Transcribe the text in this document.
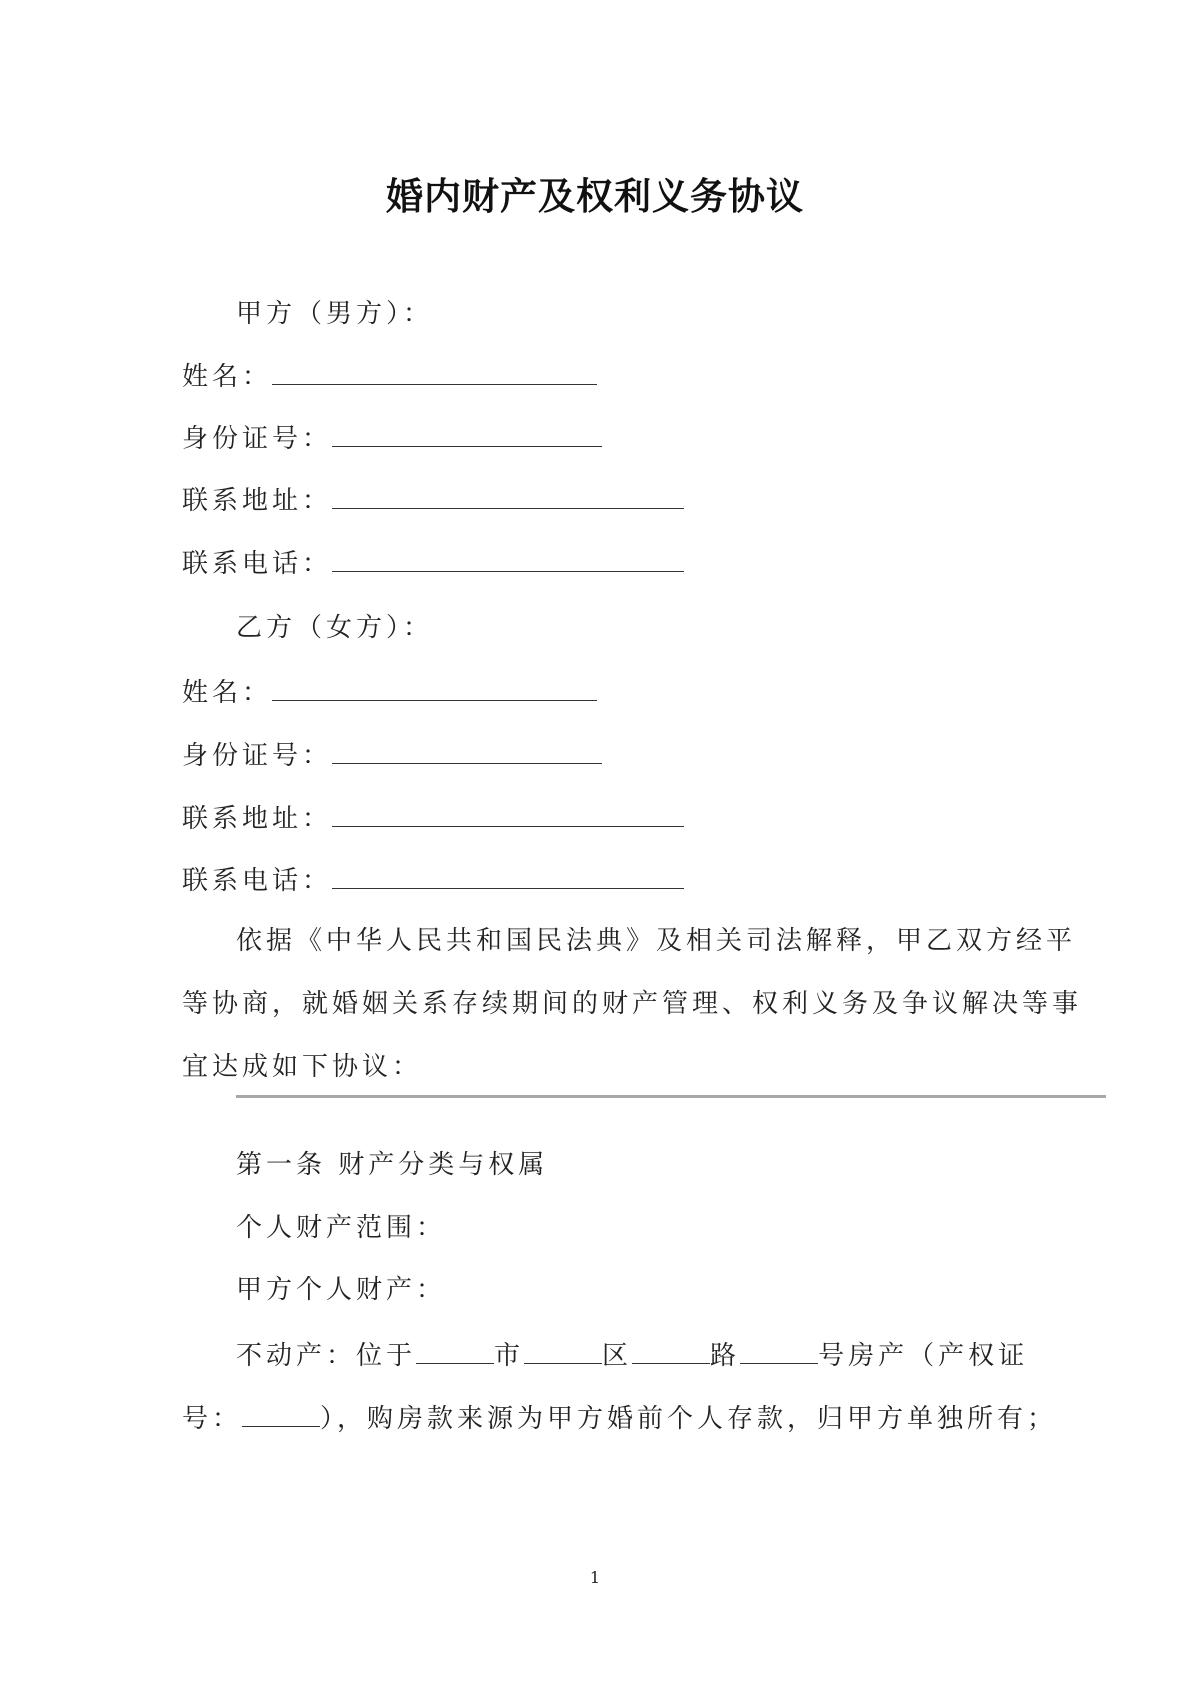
婚内财产及权利义务协议
甲方（男方）：
姓名：
身份证号：
联系地址：
联系电话：
乙方（女方）：
姓名：
身份证号：
联系地址：
联系电话：
依据《中华人民共和国民法典》及相关司法解释，甲乙双方经平
等协商，就婚姻关系存续期间的财产管理、权利义务及争议解决等事
宜达成如下协议：
第一条 财产分类与权属
个人财产范围：
甲方个人财产：
不动产：位于	市	区	路	号房产（产权证
号：	），购房款来源为甲方婚前个人存款，归甲方单独所有；
1
